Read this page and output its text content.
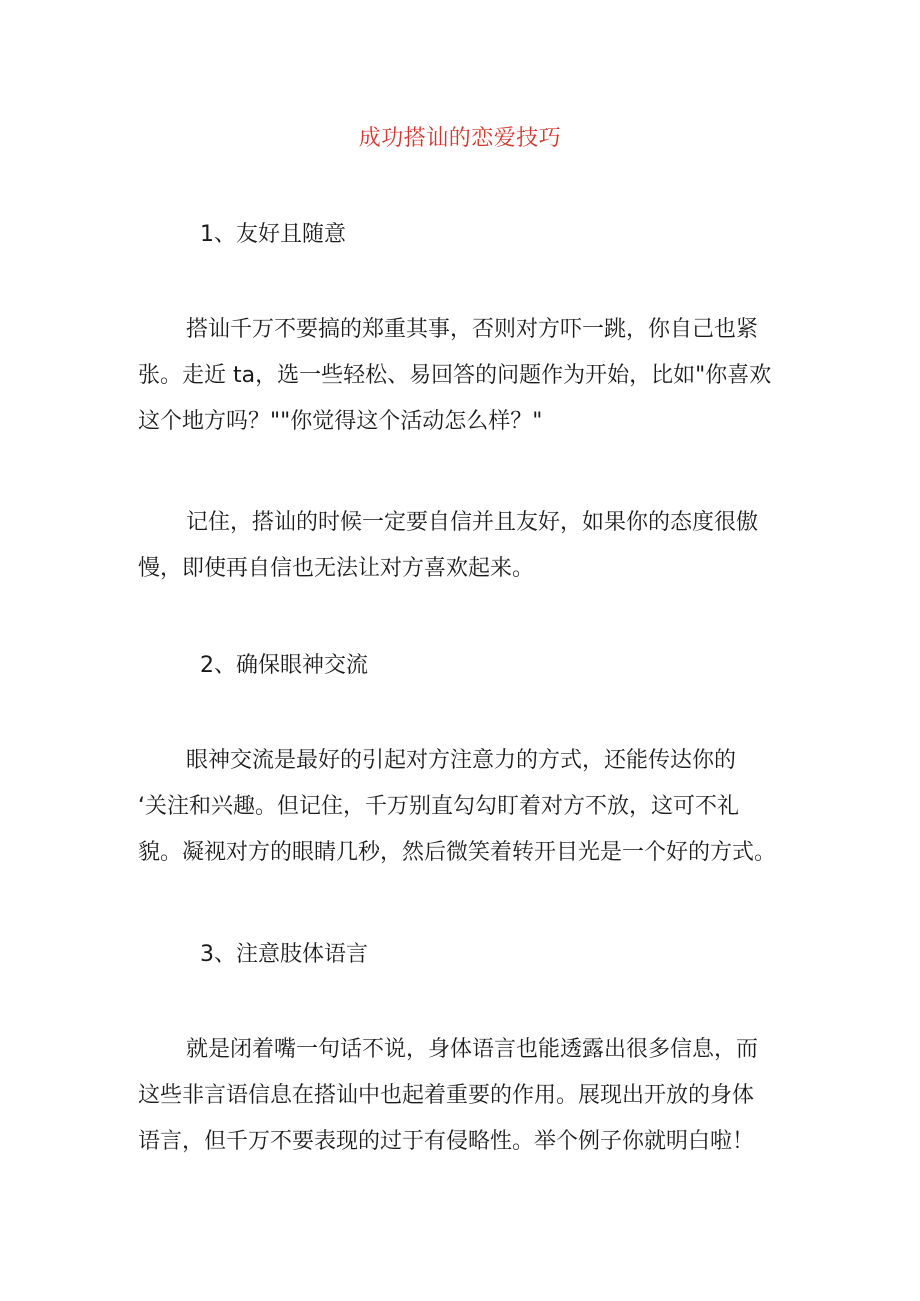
成功搭讪的恋爱技巧
1、友好且随意

搭讪千万不要搞的郑重其事，否则对方吓一跳，你自己也紧
张。走近 ta，选一些轻松、易回答的问题作为开始，比如"你喜欢
这个地方吗？""你觉得这个活动怎么样？"

记住，搭讪的时候一定要自信并且友好，如果你的态度很傲
慢，即使再自信也无法让对方喜欢起来。

2、确保眼神交流

眼神交流是最好的引起对方注意力的方式，还能传达你的
‘关注和兴趣。但记住，千万别直勾勾盯着对方不放，这可不礼
貌。凝视对方的眼睛几秒，然后微笑着转开目光是一个好的方式。

3、注意肢体语言

就是闭着嘴一句话不说，身体语言也能透露出很多信息，而
这些非言语信息在搭讪中也起着重要的作用。展现出开放的身体
语言，但千万不要表现的过于有侵略性。举个例子你就明白啦！
